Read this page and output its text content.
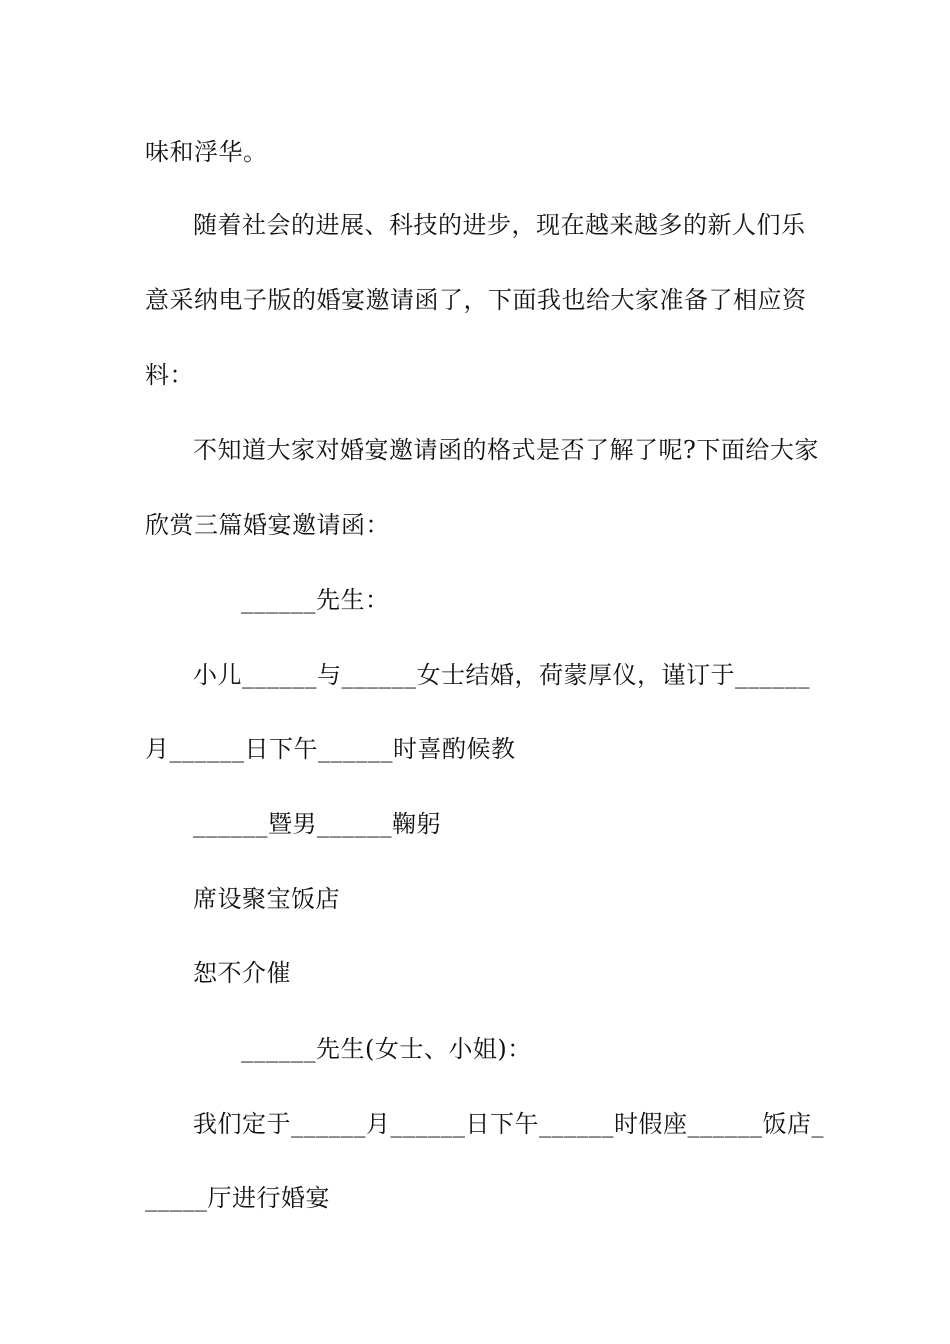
味和浮华。
随着社会的进展、科技的进步，现在越来越多的新人们乐
意采纳电子版的婚宴邀请函了，下面我也给大家准备了相应资
料：
不知道大家对婚宴邀请函的格式是否了解了呢?下面给大家
欣赏三篇婚宴邀请函：
______先生：
小儿______与______女士结婚，荷蒙厚仪，谨订于______
月______日下午______时喜酌候教
______暨男______鞠躬
席设聚宝饭店
恕不介催
______先生(女士、小姐)：
我们定于______月______日下午______时假座______饭店_
_____厅进行婚宴
